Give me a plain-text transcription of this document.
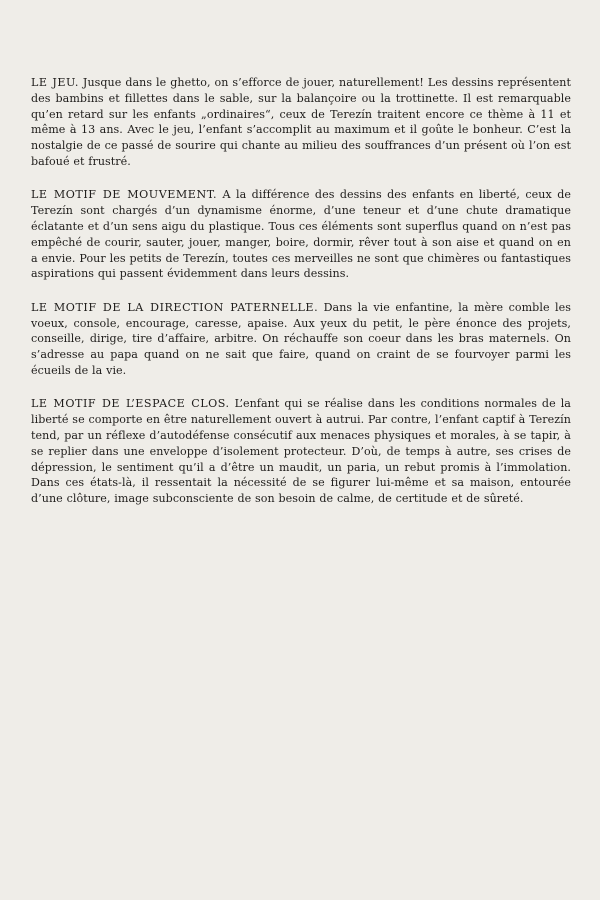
LE JEU. Jusque dans le ghetto, on s’efforce de jouer, naturellement! Les dessins représentent des bambins et fillettes dans le sable, sur la balançoire ou la trottinette. Il est remarquable qu’en retard sur les enfants „ordinaires“, ceux de Terezín traitent encore ce thème à 11 et même à 13 ans. Avec le jeu, l’enfant s’accomplit au maximum et il goûte le bonheur. C’est la nostalgie de ce passé de sourire qui chante au milieu des souffrances d’un présent où l’on est bafoué et frustré.

LE MOTIF DE MOUVEMENT. A la différence des dessins des enfants en liberté, ceux de Terezín sont chargés d’un dynamisme énorme, d’une teneur et d’une chute dramatique éclatante et d’un sens aigu du plastique. Tous ces éléments sont superflus quand on n’est pas empêché de courir, sauter, jouer, manger, boire, dormir, rêver tout à son aise et quand on en a envie. Pour les petits de Terezín, toutes ces merveilles ne sont que chimères ou fantastiques aspirations qui passent évidemment dans leurs dessins.

LE MOTIF DE LA DIRECTION PATERNELLE. Dans la vie enfantine, la mère comble les voeux, console, encourage, caresse, apaise. Aux yeux du petit, le père énonce des projets, conseille, dirige, tire d’affaire, arbitre. On réchauffe son coeur dans les bras maternels. On s’adresse au papa quand on ne sait que faire, quand on craint de se fourvoyer parmi les écueils de la vie.

LE MOTIF DE L’ESPACE CLOS. L’enfant qui se réalise dans les conditions normales de la liberté se comporte en être naturellement ouvert à autrui. Par contre, l’enfant captif à Terezín tend, par un réflexe d’autodéfense consécutif aux menaces physiques et morales, à se tapir, à se replier dans une enveloppe d’isolement protecteur. D’où, de temps à autre, ses crises de dépression, le sentiment qu’il a d’être un maudit, un paria, un rebut promis à l’immolation. Dans ces états-là, il ressentait la nécessité de se figurer lui-même et sa maison, entourée d’une clôture, image subconsciente de son besoin de calme, de certitude et de sûreté.
